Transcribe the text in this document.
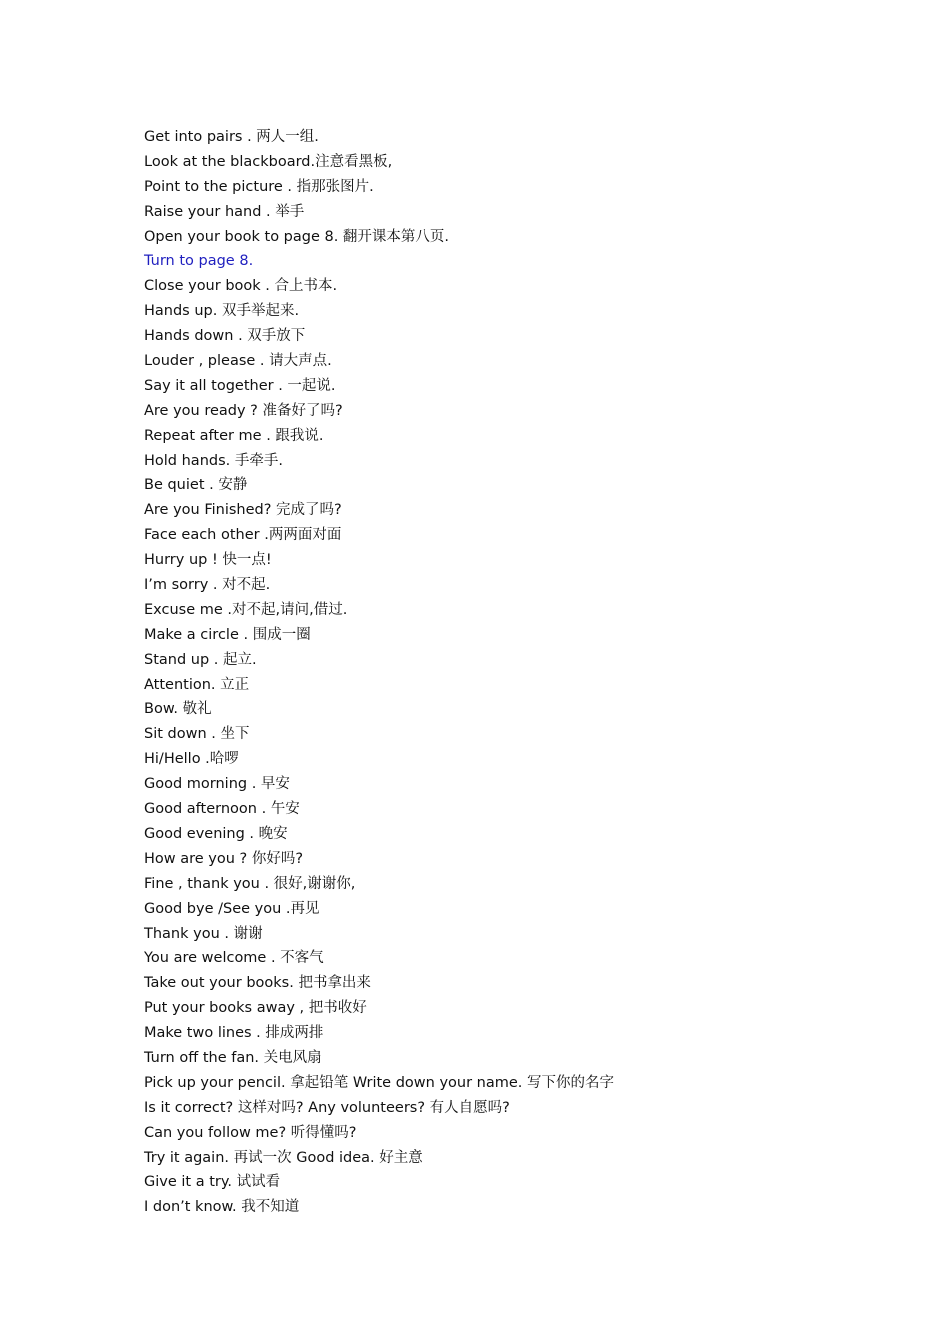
Get into pairs . 两人一组.
Look at the blackboard.注意看黑板,
Point to the picture . 指那张图片.
Raise your hand . 举手
Open your book to page 8. 翻开课本第八页.
Turn to page 8.
Close your book . 合上书本.
Hands up. 双手举起来.
Hands down . 双手放下
Louder , please . 请大声点.
Say it all together . 一起说.
Are you ready ? 准备好了吗?
Repeat after me . 跟我说.
Hold hands. 手牵手.
Be quiet . 安静
Are you Finished? 完成了吗?
Face each other .两两面对面
Hurry up ! 快一点!
I’m sorry . 对不起.
Excuse me .对不起,请问,借过.
Make a circle . 围成一圈
Stand up . 起立.
Attention. 立正
Bow. 敬礼
Sit down . 坐下
Hi/Hello .哈啰
Good morning . 早安
Good afternoon . 午安
Good evening . 晚安
How are you ? 你好吗?
Fine , thank you . 很好,谢谢你,
Good bye /See you .再见
Thank you . 谢谢
You are welcome . 不客气
Take out your books. 把书拿出来
Put your books away , 把书收好
Make two lines . 排成两排
Turn off the fan. 关电风扇
Pick up your pencil. 拿起铅笔 Write down your name. 写下你的名字
Is it correct? 这样对吗? Any volunteers? 有人自愿吗?
Can you follow me? 听得懂吗?
Try it again. 再试一次 Good idea. 好主意
Give it a try. 试试看
I don’t know. 我不知道
